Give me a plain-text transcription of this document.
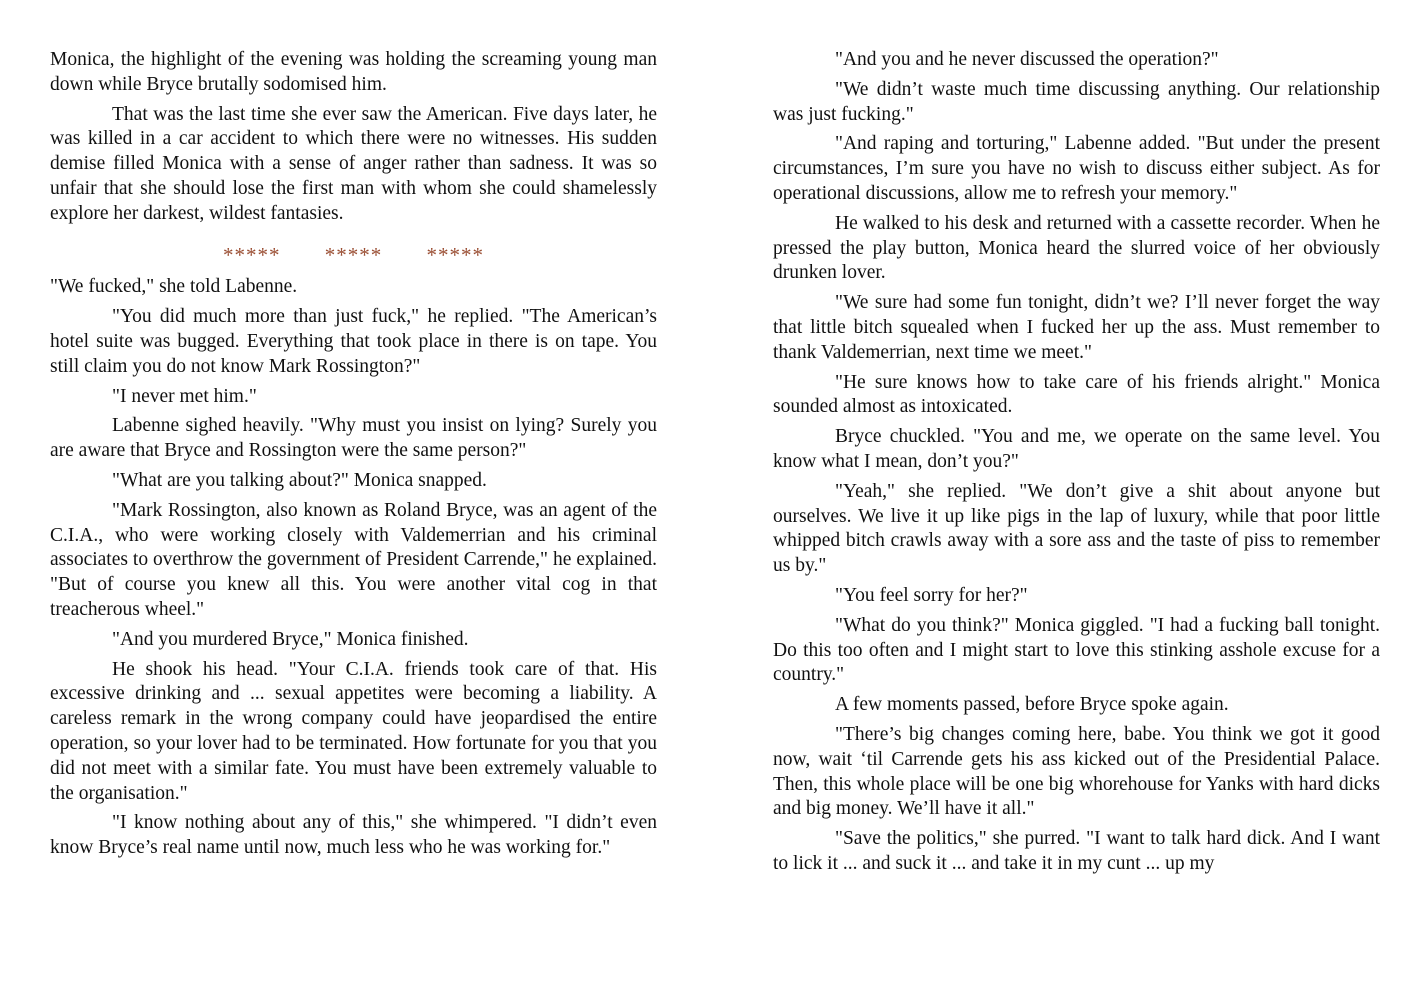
Monica, the highlight of the evening was holding the screaming young man down while Bryce brutally sodomised him.

That was the last time she ever saw the American. Five days later, he was killed in a car accident to which there were no witnesses. His sudden demise filled Monica with a sense of anger rather than sadness. It was so unfair that she should lose the first man with whom she could shamelessly explore her darkest, wildest fantasies.

***** ***** *****

"We fucked," she told Labenne.

"You did much more than just fuck," he replied. "The American’s hotel suite was bugged. Everything that took place in there is on tape. You still claim you do not know Mark Rossington?"

"I never met him."

Labenne sighed heavily. "Why must you insist on lying? Surely you are aware that Bryce and Rossington were the same person?"

"What are you talking about?" Monica snapped.

"Mark Rossington, also known as Roland Bryce, was an agent of the C.I.A., who were working closely with Valdemerrian and his criminal associates to overthrow the government of President Carrende," he explained. "But of course you knew all this. You were another vital cog in that treacherous wheel."

"And you murdered Bryce," Monica finished.

He shook his head. "Your C.I.A. friends took care of that. His excessive drinking and ... sexual appetites were becoming a liability. A careless remark in the wrong company could have jeopardised the entire operation, so your lover had to be terminated. How fortunate for you that you did not meet with a similar fate. You must have been extremely valuable to the organisation."

"I know nothing about any of this," she whimpered. "I didn’t even know Bryce’s real name until now, much less who he was working for."

"And you and he never discussed the operation?"

"We didn’t waste much time discussing anything. Our relationship was just fucking."

"And raping and torturing," Labenne added. "But under the present circumstances, I’m sure you have no wish to discuss either subject. As for operational discussions, allow me to refresh your memory."

He walked to his desk and returned with a cassette recorder. When he pressed the play button, Monica heard the slurred voice of her obviously drunken lover.

"We sure had some fun tonight, didn’t we? I’ll never forget the way that little bitch squealed when I fucked her up the ass. Must remember to thank Valdemerrian, next time we meet."

"He sure knows how to take care of his friends alright." Monica sounded almost as intoxicated.

Bryce chuckled. "You and me, we operate on the same level. You know what I mean, don’t you?"

"Yeah," she replied. "We don’t give a shit about anyone but ourselves. We live it up like pigs in the lap of luxury, while that poor little whipped bitch crawls away with a sore ass and the taste of piss to remember us by."

"You feel sorry for her?"

"What do you think?" Monica giggled. "I had a fucking ball tonight. Do this too often and I might start to love this stinking asshole excuse for a country."

A few moments passed, before Bryce spoke again.

"There’s big changes coming here, babe. You think we got it good now, wait ‘til Carrende gets his ass kicked out of the Presidential Palace. Then, this whole place will be one big whorehouse for Yanks with hard dicks and big money. We’ll have it all."

"Save the politics," she purred. "I want to talk hard dick. And I want to lick it ... and suck it ... and take it in my cunt ... up my
